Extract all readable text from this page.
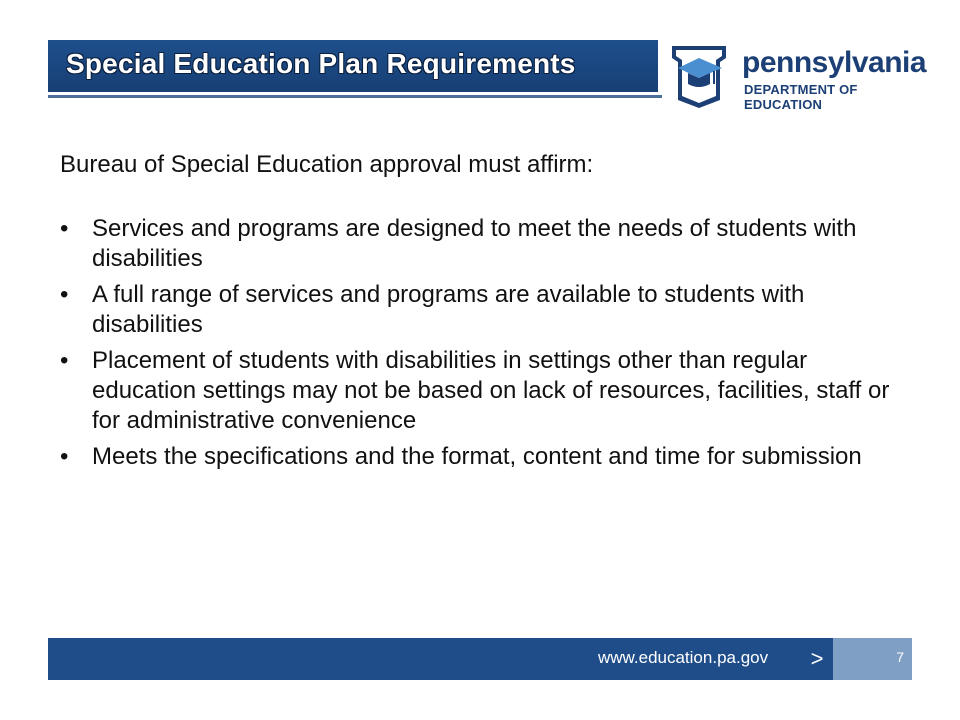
Special Education Plan Requirements	pennsylvania
DEPARTMENT OF EDUCATION

Bureau of Special Education approval must affirm:

• Services and programs are designed to meet the needs of students with disabilities
• A full range of services and programs are available to students with disabilities
• Placement of students with disabilities in settings other than regular education settings may not be based on lack of resources, facilities, staff or for administrative convenience
• Meets the specifications and the format, content and time for submission
www.education.pa.gov	>	7
